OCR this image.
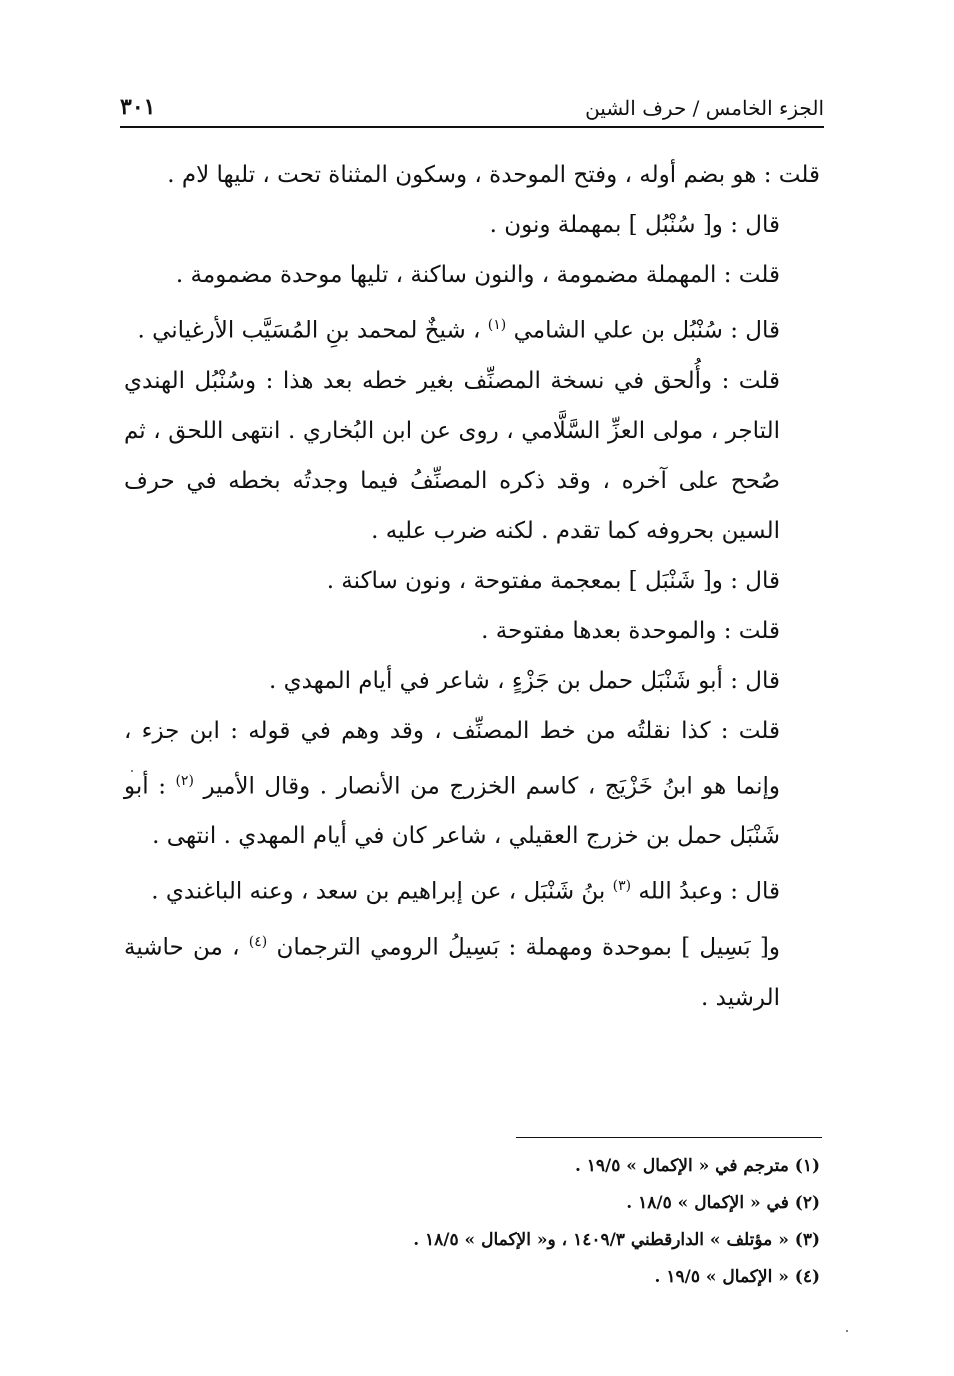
الجزء الخامس / حرف الشين
٣٠١

قلت : هو بضم أوله ، وفتح الموحدة ، وسكون المثناة تحت ، تليها لام .

قال : و[ سُنْبُل ] بمهملة ونون .

قلت : المهملة مضمومة ، والنون ساكنة ، تليها موحدة مضمومة .

قال : سُنْبُل بن علي الشامي $^{(١)}$ ، شيخٌ لمحمد بنِ المُسَيَّب الأرغياني .

قلت : وأُلحق في نسخة المصنِّف بغير خطه بعد هذا : وسُنْبُل الهندي التاجر ، مولى العزِّ السَّلَّامي ، روى عن ابن البُخاري . انتهى اللحق ، ثم صُحح على آخره ، وقد ذكره المصنِّفُ فيما وجدتُه بخطه في حرف السين بحروفه كما تقدم . لكنه ضرب عليه .

قال : و[ شَنْبَل ] بمعجمة مفتوحة ، ونون ساكنة .

قلت : والموحدة بعدها مفتوحة .

قال : أبو شَنْبَل حمل بن جَزْءٍ ، شاعر في أيام المهدي .

قلت : كذا نقلتُه من خط المصنِّف ، وقد وهم في قوله : ابن جزء ، وإنما هو ابنُ خَزْيَج ، كاسم الخزرج من الأنصار . وقال الأمير $^{(٢)}$ : أبو شَنْبَل حمل بن خزرج العقيلي ، شاعر كان في أيام المهدي . انتهى .

قال : وعبدُ الله $^{(٣)}$ بنُ شَنْبَل ، عن إبراهيم بن سعد ، وعنه الباغندي .

و[ بَسِيل ] بموحدة ومهملة : بَسِيلُ الرومي الترجمان $^{(٤)}$ ، من حاشية الرشيد .

(١) مترجم في « الإكمال » ١٩/٥ .

(٢) في « الإكمال » ١٨/٥ .

(٣) « مؤتلف » الدارقطني ١٤٠٩/٣ ، و« الإكمال » ١٨/٥ .

(٤) « الإكمال » ١٩/٥ .
